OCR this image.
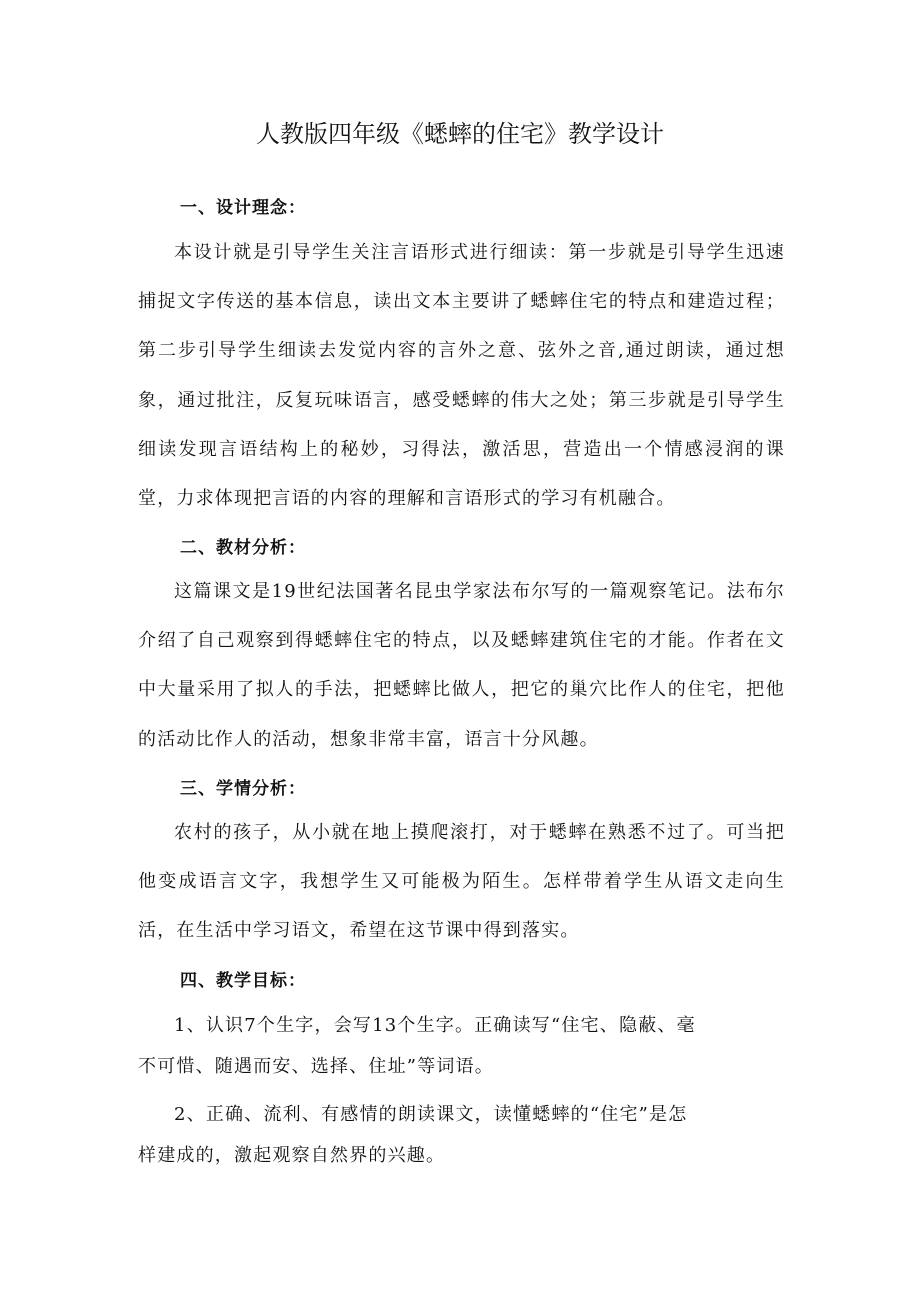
人教版四年级《蟋蟀的住宅》教学设计
一、设计理念：
本设计就是引导学生关注言语形式进行细读：第一步就是引导学生迅速捕捉文字传送的基本信息，读出文本主要讲了蟋蟀住宅的特点和建造过程；第二步引导学生细读去发觉内容的言外之意、弦外之音,通过朗读，通过想象，通过批注，反复玩味语言，感受蟋蟀的伟大之处；第三步就是引导学生细读发现言语结构上的秘妙，习得法，激活思，营造出一个情感浸润的课堂，力求体现把言语的内容的理解和言语形式的学习有机融合。
二、教材分析：
这篇课文是19世纪法国著名昆虫学家法布尔写的一篇观察笔记。法布尔介绍了自己观察到得蟋蟀住宅的特点，以及蟋蟀建筑住宅的才能。作者在文中大量采用了拟人的手法，把蟋蟀比做人，把它的巢穴比作人的住宅，把他的活动比作人的活动，想象非常丰富，语言十分风趣。
三、学情分析：
农村的孩子，从小就在地上摸爬滚打，对于蟋蟀在熟悉不过了。可当把他变成语言文字，我想学生又可能极为陌生。怎样带着学生从语文走向生活，在生活中学习语文，希望在这节课中得到落实。
四、教学目标：
1、认识7个生字，会写13个生字。正确读写“住宅、隐蔽、毫
不可惜、随遇而安、选择、住址”等词语。
2、正确、流利、有感情的朗读课文，读懂蟋蟀的“住宅”是怎
样建成的，激起观察自然界的兴趣。
